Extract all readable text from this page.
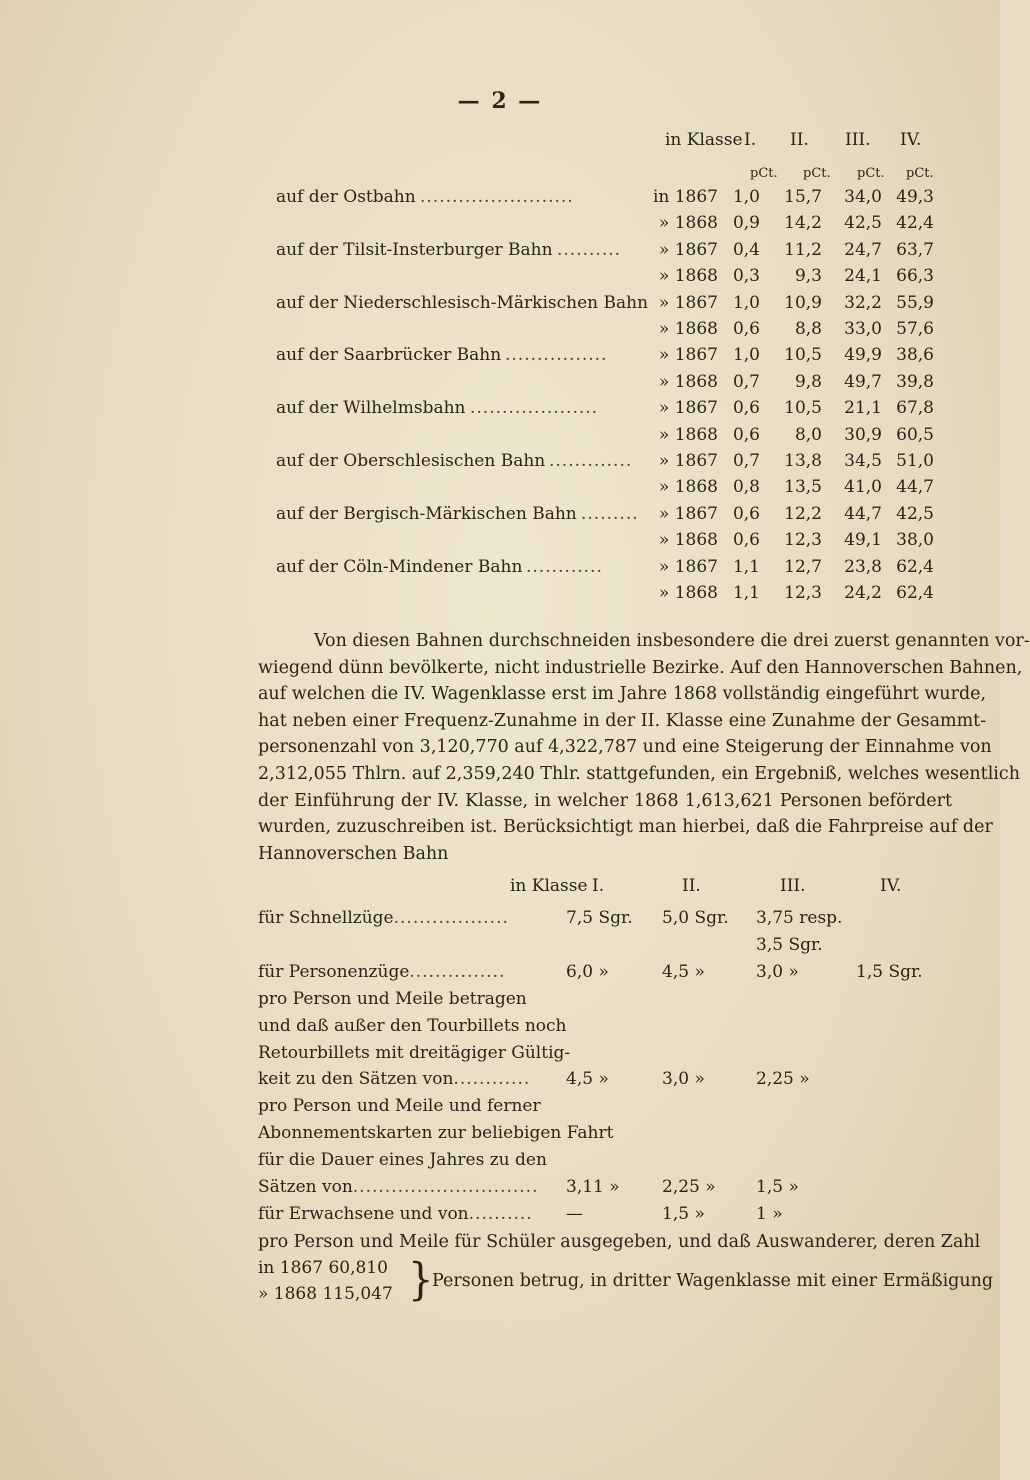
— 2 —
in Klasse I. II. III. IV.
pCt. pCt. pCt. pCt.
auf der Ostbahn ........................	in 1867 1,0	15,7	34,0 49,3
» 1868 0,9	14,2	42,5 42,4
auf der Tilsit-Insterburger Bahn ..........	» 1867 0,4	11,2	24,7 63,7
» 1868 0,3	9,3	24,1 66,3
auf der Niederschlesisch-Märkischen Bahn » 1867 1,0	10,9	32,2 55,9
» 1868 0,6	8,8	33,0 57,6
auf der Saarbrücker Bahn ................	» 1867 1,0	10,5	49,9 38,6
» 1868 0,7	9,8	49,7 39,8
auf der Wilhelmsbahn ....................	» 1867 0,6	10,5	21,1 67,8
» 1868 0,6	8,0	30,9 60,5
auf der Oberschlesischen Bahn .............	» 1867 0,7	13,8	34,5 51,0
» 1868 0,8	13,5	41,0 44,7
auf der Bergisch-Märkischen Bahn .........	» 1867 0,6	12,2	44,7 42,5
» 1868 0,6	12,3	49,1 38,0
auf der Cöln-Mindener Bahn ............	» 1867 1,1	12,7	23,8 62,4
» 1868 1,1	12,3	24,2 62,4
Von diesen Bahnen durchschneiden insbesondere die drei zuerst genannten vor-
wiegend dünn bevölkerte, nicht industrielle Bezirke. Auf den Hannoverschen Bahnen,
auf welchen die IV. Wagenklasse erst im Jahre 1868 vollständig eingeführt wurde,
hat neben einer Frequenz-Zunahme in der II. Klasse eine Zunahme der Gesammt-
personenzahl von 3,120,770 auf 4,322,787 und eine Steigerung der Einnahme von
2,312,055 Thlrn. auf 2,359,240 Thlr. stattgefunden, ein Ergebniß, welches wesentlich
der Einführung der IV. Klasse, in welcher 1868 1,613,621 Personen befördert
wurden, zuzuschreiben ist. Berücksichtigt man hierbei, daß die Fahrpreise auf der
Hannoverschen Bahn
in Klasse I.	II.	III.	IV.
für Schnellzüge..................	7,5 Sgr. 5,0 Sgr. 3,75 resp.
3,5 Sgr.
für Personenzüge...............	6,0 »	4,5 »	3,0 »	1,5 Sgr.
pro Person und Meile betragen
und daß außer den Tourbillets noch
Retourbillets mit dreitägiger Gültig-
keit zu den Sätzen von............	4,5 »	3,0 »	2,25 »
pro Person und Meile und ferner
Abonnementskarten zur beliebigen Fahrt
für die Dauer eines Jahres zu den
Sätzen von.............................	3,11 » 2,25 » 1,5 »
für Erwachsene und von..........	—	1,5 »	1 »
pro Person und Meile für Schüler ausgegeben, und daß Auswanderer, deren Zahl
in 1867 60,810
» 1868 115,047 }
Personen betrug, in dritter Wagenklasse mit einer Ermäßigung
